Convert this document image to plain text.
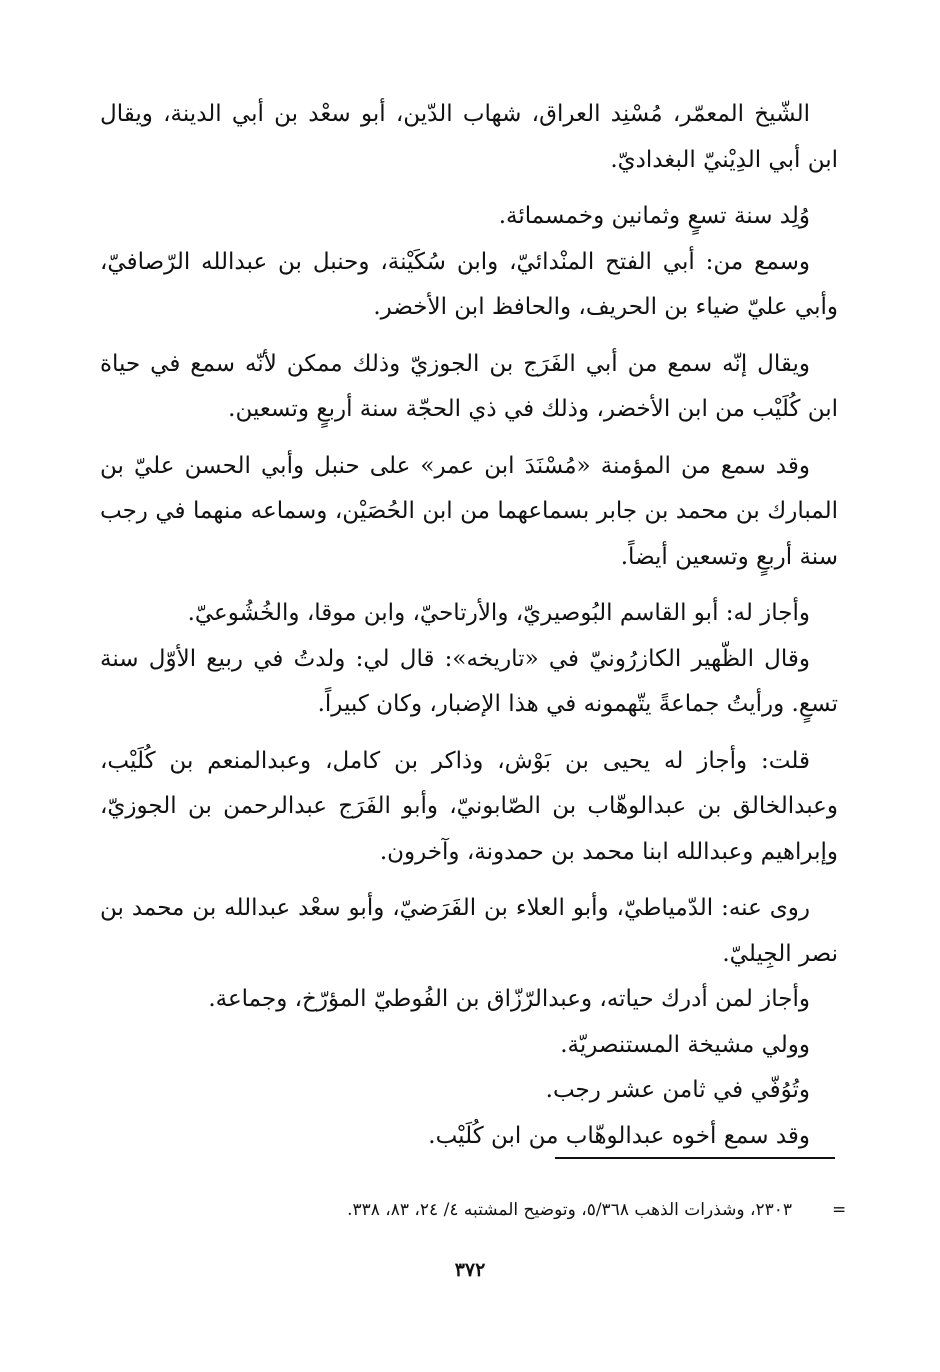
الشّيخ المعمّر، مُسْنِد العراق، شهاب الدّين، أبو سعْد بن أبي الدينة، ويقال ابن أبي الدِيْنيّ البغداديّ.

وُلِد سنة تسعٍ وثمانين وخمسمائة.

وسمع من: أبي الفتح المنْدائيّ، وابن سُكَيْنة، وحنبل بن عبدالله الرّصافيّ، وأبي عليّ ضياء بن الحريف، والحافظ ابن الأخضر.

ويقال إنّه سمع من أبي الفَرَج بن الجوزيّ وذلك ممكن لأنّه سمع في حياة ابن كُلَيْب من ابن الأخضر، وذلك في ذي الحجّة سنة أربعٍ وتسعين.

وقد سمع من المؤمنة «مُسْنَدَ ابن عمر» على حنبل وأبي الحسن عليّ بن المبارك بن محمد بن جابر بسماعهما من ابن الحُصَيْن، وسماعه منهما في رجب سنة أربعٍ وتسعين أيضاً.

وأجاز له: أبو القاسم البُوصيريّ، والأرتاحيّ، وابن موقا، والخُشُوعيّ.

وقال الظّهير الكازرُونيّ في «تاريخه»: قال لي: ولدتُ في ربيع الأوّل سنة تسعٍ. ورأيتُ جماعةً يتّهمونه في هذا الإضبار، وكان كبيراً.

قلت: وأجاز له يحيى بن بَوْش، وذاكر بن كامل، وعبدالمنعم بن كُلَيْب، وعبدالخالق بن عبدالوهّاب بن الصّابونيّ، وأبو الفَرَج عبدالرحمن بن الجوزيّ، وإبراهيم وعبدالله ابنا محمد بن حمدونة، وآخرون.

روى عنه: الدّمياطيّ، وأبو العلاء بن الفَرَضيّ، وأبو سعْد عبدالله بن محمد بن نصر الجِيليّ.

وأجاز لمن أدرك حياته، وعبدالرّزّاق بن الفُوطيّ المؤرّخ، وجماعة.

وولي مشيخة المستنصريّة.

وتُوُفّي في ثامن عشر رجب.

وقد سمع أخوه عبدالوهّاب من ابن كُلَيْب.

=
٢٣٠٣، وشذرات الذهب ٥/٣٦٨، وتوضيح المشتبه ٤/ ٢٤، ٨٣، ٣٣٨.
٣٧٢
